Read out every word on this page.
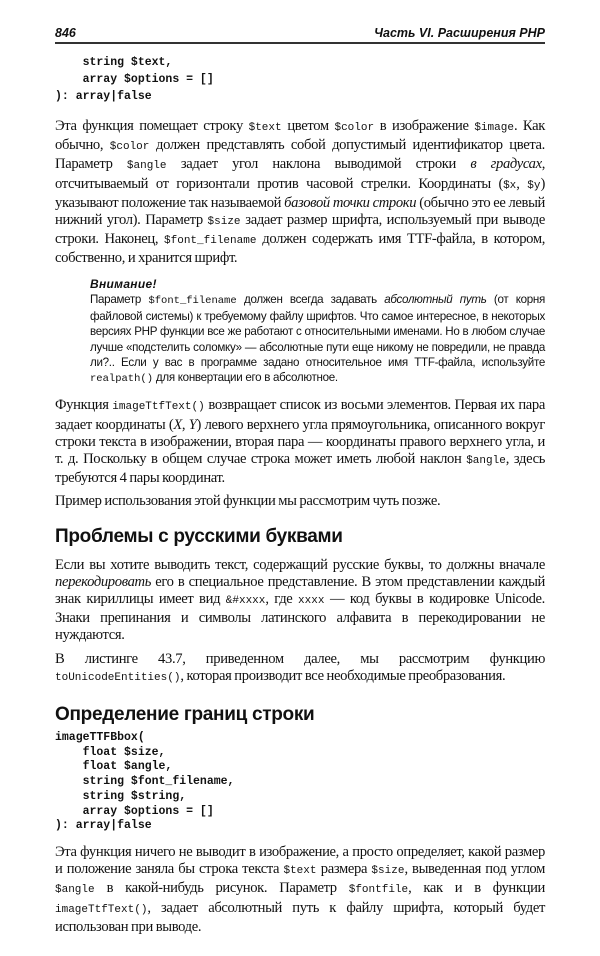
846	Часть VI. Расширения PHP
string $text,
array $options = []
): array|false
Эта функция помещает строку $text цветом $color в изображение $image. Как обычно, $color должен представлять собой допустимый идентификатор цвета. Параметр $angle задает угол наклона выводимой строки в градусах, отсчитываемый от горизонтали против часовой стрелки. Координаты ($x, $y) указывают положение так называемой базовой точки строки (обычно это ее левый нижний угол). Параметр $size задает размер шрифта, используемый при выводе строки. Наконец, $font_filename должен содержать имя TTF-файла, в котором, собственно, и хранится шрифт.
Внимание!
Параметр $font_filename должен всегда задавать абсолютный путь (от корня файловой системы) к требуемому файлу шрифтов. Что самое интересное, в некоторых версиях PHP функции все же работают с относительными именами. Но в любом случае лучше «подстелить соломку» — абсолютные пути еще никому не повредили, не правда ли?.. Если у вас в программе задано относительное имя TTF-файла, используйте realpath() для конвертации его в абсолютное.
Функция imageTtfText() возвращает список из восьми элементов. Первая их пара задает координаты (X, Y) левого верхнего угла прямоугольника, описанного вокруг строки текста в изображении, вторая пара — координаты правого верхнего угла, и т. д. Поскольку в общем случае строка может иметь любой наклон $angle, здесь требуются 4 пары координат.
Пример использования этой функции мы рассмотрим чуть позже.
Проблемы с русскими буквами
Если вы хотите выводить текст, содержащий русские буквы, то должны вначале перекодировать его в специальное представление. В этом представлении каждый знак кириллицы имеет вид &#xxxx, где xxxx — код буквы в кодировке Unicode. Знаки препинания и символы латинского алфавита в перекодировании не нуждаются.
В листинге 43.7, приведенном далее, мы рассмотрим функцию toUnicodeEntities(), которая производит все необходимые преобразования.
Определение границ строки
imageTTFBbox(
float $size,
float $angle,
string $font_filename,
string $string,
array $options = []
): array|false
Эта функция ничего не выводит в изображение, а просто определяет, какой размер и положение заняла бы строка текста $text размера $size, выведенная под углом $angle в какой-нибудь рисунок. Параметр $fontfile, как и в функции imageTtfText(), задает абсолютный путь к файлу шрифта, который будет использован при выводе.
